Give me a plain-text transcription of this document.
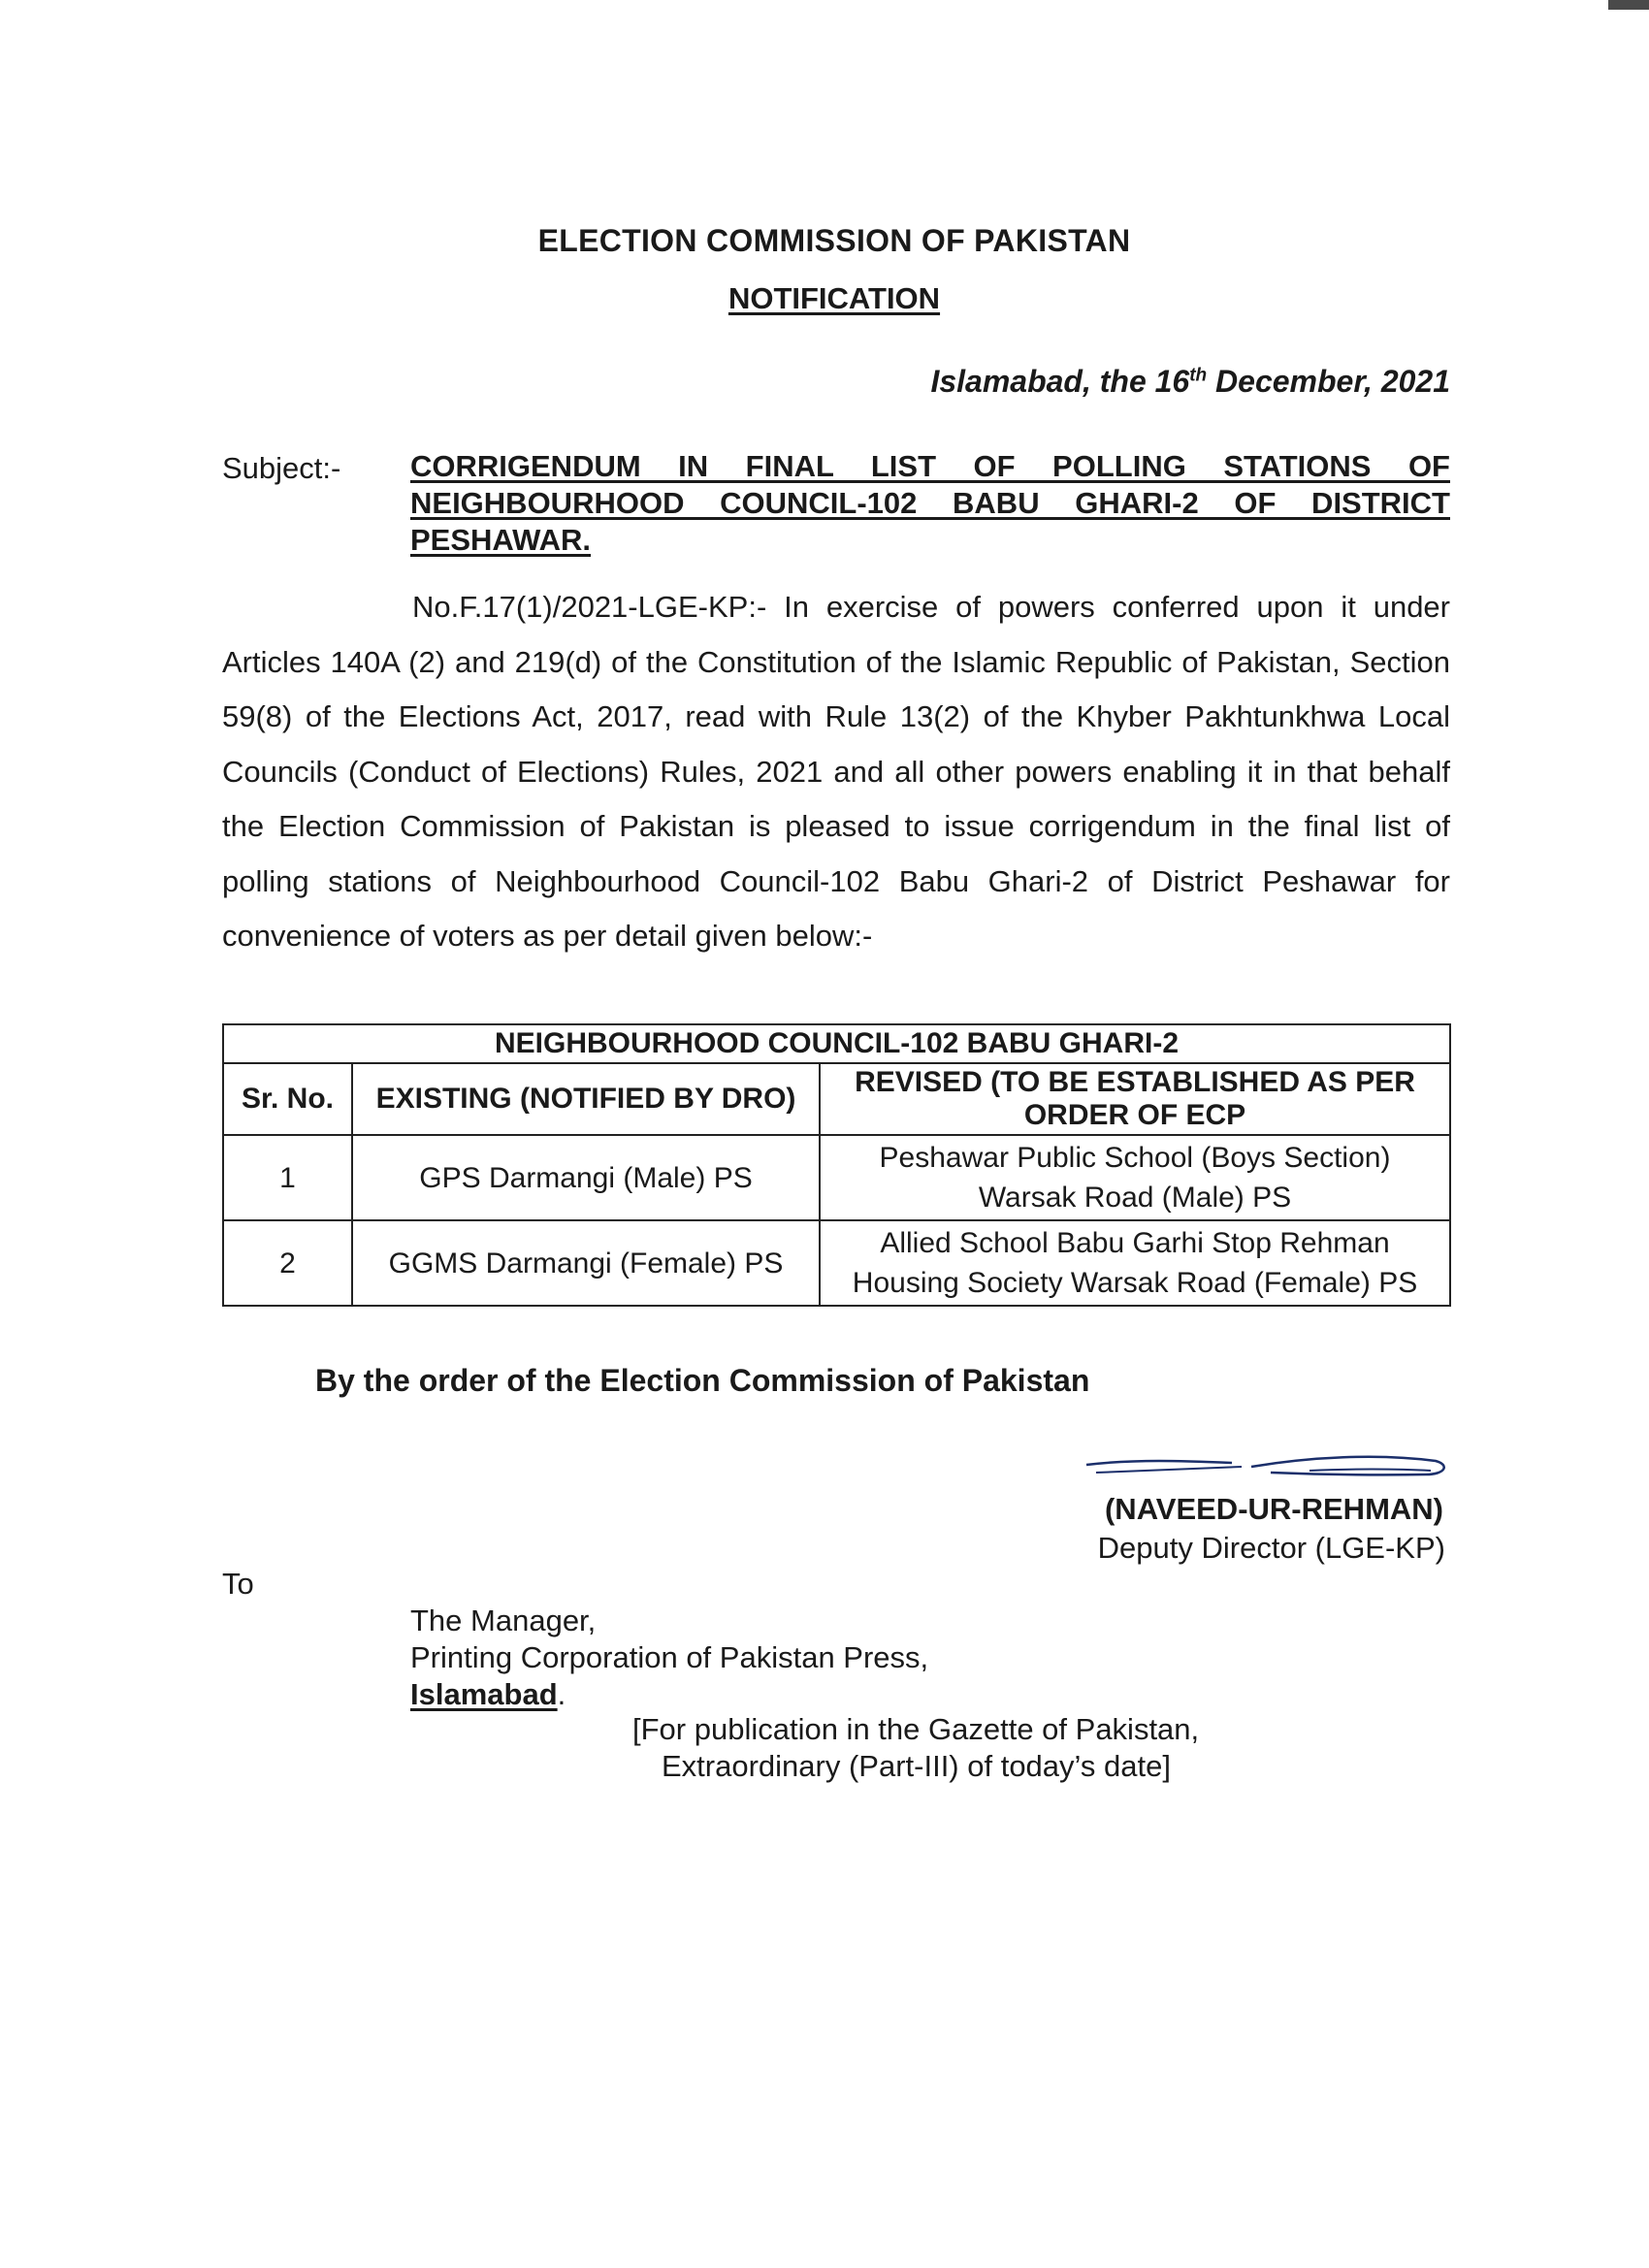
ELECTION COMMISSION OF PAKISTAN
NOTIFICATION
Islamabad, the 16th December, 2021
Subject:- CORRIGENDUM IN FINAL LIST OF POLLING STATIONS OF NEIGHBOURHOOD COUNCIL-102 BABU GHARI-2 OF DISTRICT PESHAWAR.
No.F.17(1)/2021-LGE-KP:- In exercise of powers conferred upon it under Articles 140A (2) and 219(d) of the Constitution of the Islamic Republic of Pakistan, Section 59(8) of the Elections Act, 2017, read with Rule 13(2) of the Khyber Pakhtunkhwa Local Councils (Conduct of Elections) Rules, 2021 and all other powers enabling it in that behalf the Election Commission of Pakistan is pleased to issue corrigendum in the final list of polling stations of Neighbourhood Council-102 Babu Ghari-2 of District Peshawar for convenience of voters as per detail given below:-
NEIGHBOURHOOD COUNCIL-102 BABU GHARI-2		
Sr. No.	EXISTING (NOTIFIED BY DRO)	REVISED (TO BE ESTABLISHED AS PER ORDER OF ECP
1	GPS Darmangi (Male) PS	Peshawar Public School (Boys Section) Warsak Road (Male) PS
2	GGMS Darmangi (Female) PS	Allied School Babu Garhi Stop Rehman Housing Society Warsak Road (Female) PS
By the order of the Election Commission of Pakistan
(NAVEED-UR-REHMAN)
Deputy Director (LGE-KP)
To
The Manager,
Printing Corporation of Pakistan Press,
Islamabad.
[For publication in the Gazette of Pakistan,
Extraordinary (Part-III) of today’s date]
